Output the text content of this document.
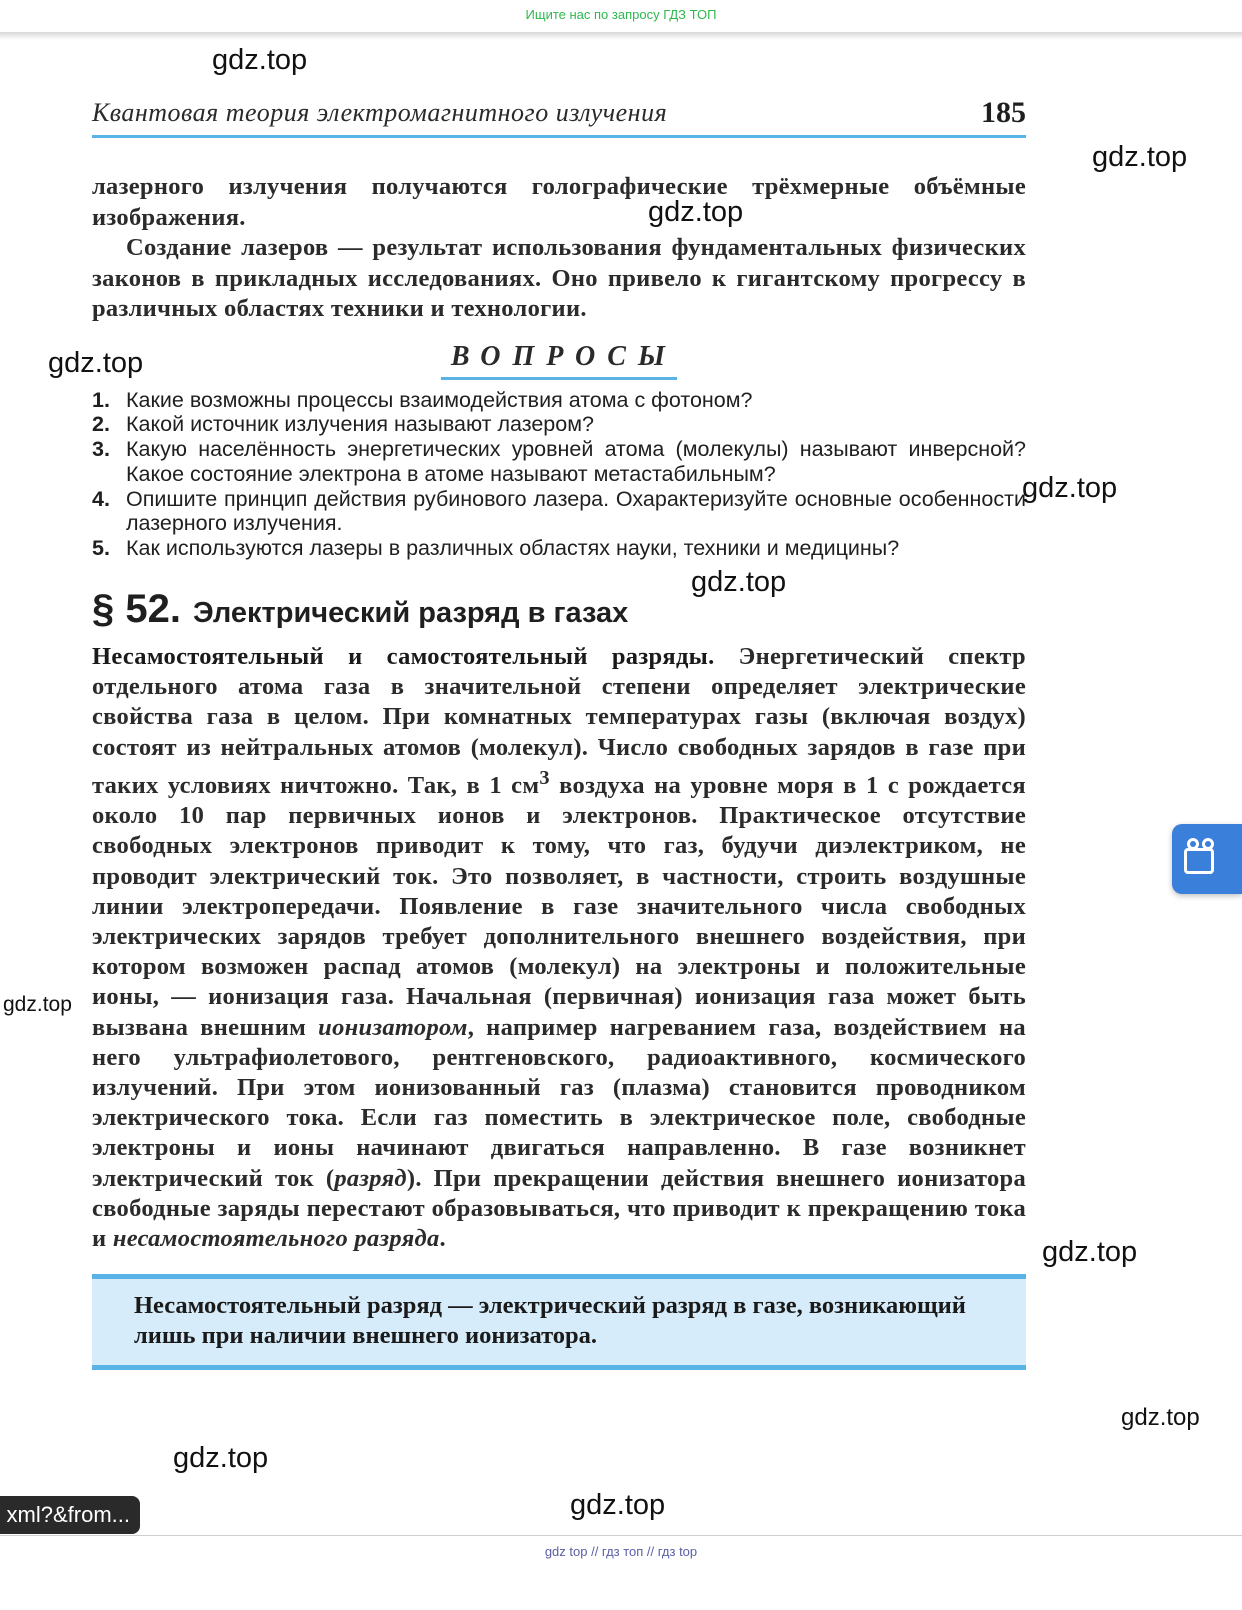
Ищите нас по запросу ГДЗ ТОП
Квантовая теория электромагнитного излучения	185

лазерного излучения получаются голографические трёхмерные объёмные изображения.

Создание лазеров — результат использования фундаментальных физических законов в прикладных исследованиях. Оно привело к гигантскому прогрессу в различных областях техники и технологии.

ВОПРОСЫ
1. Какие возможны процессы взаимодействия атома с фотоном?
2. Какой источник излучения называют лазером?
3. Какую населённость энергетических уровней атома (молекулы) называют инверсной? Какое состояние электрона в атоме называют метастабильным?
4. Опишите принцип действия рубинового лазера. Охарактеризуйте основные особенности лазерного излучения.
5. Как используются лазеры в различных областях науки, техники и медицины?
§ 52. Электрический разряд в газах

Несамостоятельный и самостоятельный разряды. Энергетический спектр отдельного атома газа в значительной степени определяет электрические свойства газа в целом. При комнатных температурах газы (включая воздух) состоят из нейтральных атомов (молекул). Число свободных зарядов в газе при таких условиях ничтожно. Так, в 1 $см^3$ воздуха на уровне моря в 1 с рождается около 10 пар первичных ионов и электронов. Практическое отсутствие свободных электронов приводит к тому, что газ, будучи диэлектриком, не проводит электрический ток. Это позволяет, в частности, строить воздушные линии электропередачи. Появление в газе значительного числа свободных электрических зарядов требует дополнительного внешнего воздействия, при котором возможен распад атомов (молекул) на электроны и положительные ионы, — ионизация газа. Начальная (первичная) ионизация газа может быть вызвана внешним ионизатором, например нагреванием газа, воздействием на него ультрафиолетового, рентгеновского, радиоактивного, космического излучений. При этом ионизованный газ (плазма) становится проводником электрического тока. Если газ поместить в электрическое поле, свободные электроны и ионы начинают двигаться направленно. В газе возникнет электрический ток (разряд). При прекращении действия внешнего ионизатора свободные заряды перестают образовываться, что приводит к прекращению тока и несамостоятельного разряда.

Несамостоятельный разряд — электрический разряд в газе, возникающий лишь при наличии внешнего ионизатора.

gdz.top
gdz.top
gdz.top
gdz.top
gdz.top
gdz.top
gdz.top
gdz.top
gdz.top
gdz.top
gdz.top
xml?&from...
gdz top // гдз топ // гдз top
